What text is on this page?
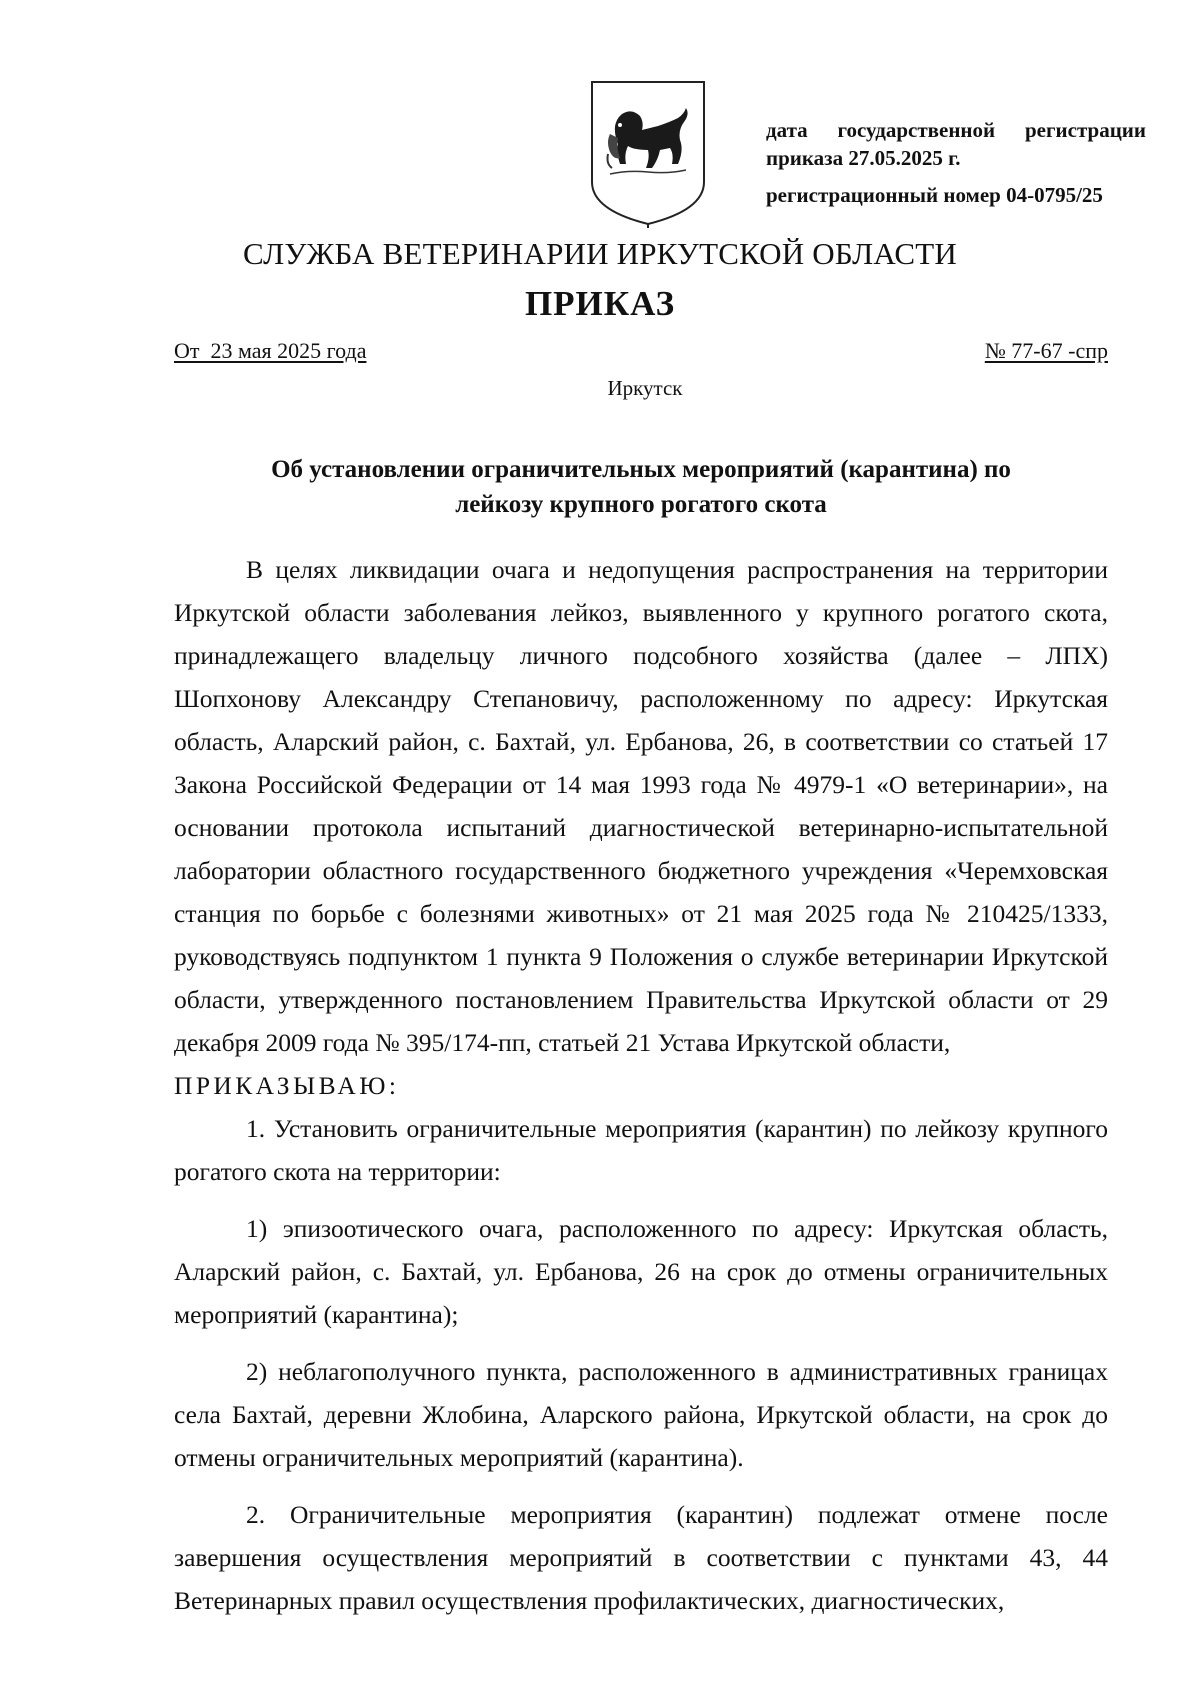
дата государственной регистрации
приказа 27.05.2025 г.
регистрационный номер 04-0795/25
СЛУЖБА ВЕТЕРИНАРИИ ИРКУТСКОЙ ОБЛАСТИ
ПРИКАЗ
От  23 мая 2025 года	№ 77-67 -спр
Иркутск
Об установлении ограничительных мероприятий (карантина) по
лейкозу крупного рогатого скота

В целях ликвидации очага и недопущения распространения на территории Иркутской области заболевания лейкоз, выявленного у крупного рогатого скота, принадлежащего владельцу личного подсобного хозяйства (далее – ЛПХ) Шопхонову Александру Степановичу, расположенному по адресу: Иркутская область, Аларский район, с. Бахтай, ул. Ербанова, 26, в соответствии со статьей 17 Закона Российской Федерации от 14 мая 1993 года № 4979-1 «О ветеринарии», на основании протокола испытаний диагностической ветеринарно-испытательной лаборатории областного государственного бюджетного учреждения «Черемховская станция по борьбе с болезнями животных» от 21 мая 2025 года № 210425/1333, руководствуясь подпунктом 1 пункта 9 Положения о службе ветеринарии Иркутской области, утвержденного постановлением Правительства Иркутской области от 29 декабря 2009 года № 395/174-пп, статьей 21 Устава Иркутской области,

ПРИКАЗЫВАЮ:

1. Установить ограничительные мероприятия (карантин) по лейкозу крупного рогатого скота на территории:

1) эпизоотического очага, расположенного по адресу: Иркутская область, Аларский район, с. Бахтай, ул. Ербанова, 26 на срок до отмены ограничительных мероприятий (карантина);

2) неблагополучного пункта, расположенного в административных границах села Бахтай, деревни Жлобина, Аларского района, Иркутской области, на срок до отмены ограничительных мероприятий (карантина).

2. Ограничительные мероприятия (карантин) подлежат отмене после завершения осуществления мероприятий в соответствии с пунктами 43, 44 Ветеринарных правил осуществления профилактических, диагностических,
